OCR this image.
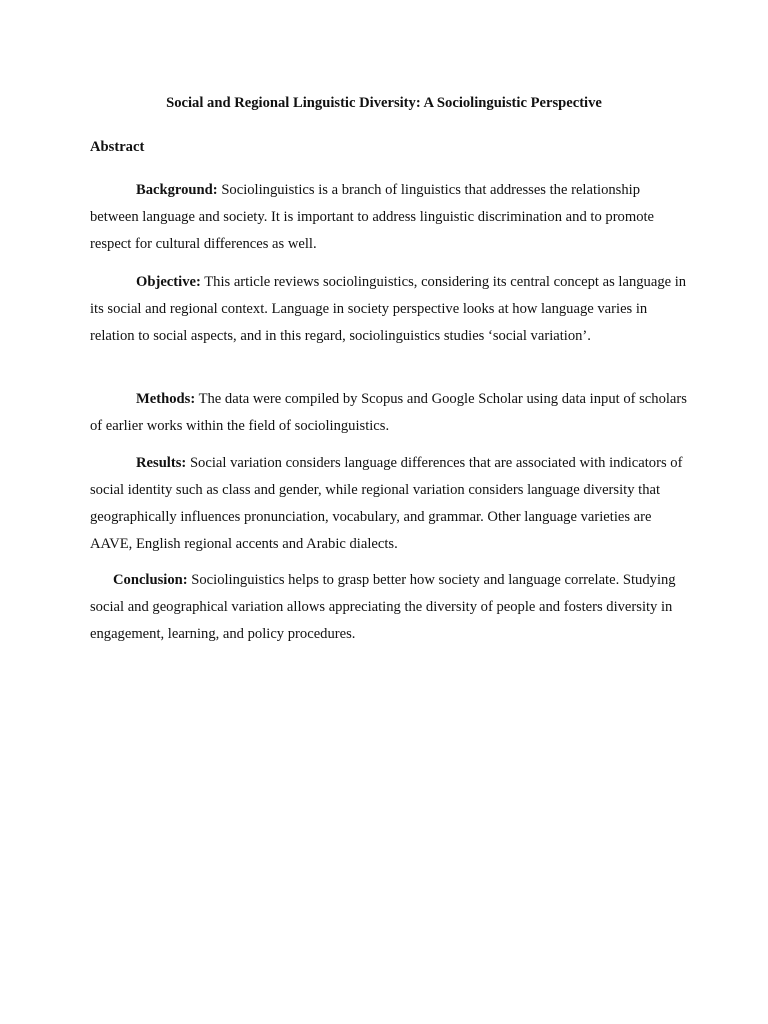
Social and Regional Linguistic Diversity: A Sociolinguistic Perspective
Abstract

Background: Sociolinguistics is a branch of linguistics that addresses the relationship between language and society. It is important to address linguistic discrimination and to promote respect for cultural differences as well.

Objective: This article reviews sociolinguistics, considering its central concept as language in its social and regional context. Language in society perspective looks at how language varies in relation to social aspects, and in this regard, sociolinguistics studies ‘social variation’.

Methods: The data were compiled by Scopus and Google Scholar using data input of scholars of earlier works within the field of sociolinguistics.

Results: Social variation considers language differences that are associated with indicators of social identity such as class and gender, while regional variation considers language diversity that geographically influences pronunciation, vocabulary, and grammar. Other language varieties are AAVE, English regional accents and Arabic dialects.

Conclusion: Sociolinguistics helps to grasp better how society and language correlate. Studying social and geographical variation allows appreciating the diversity of people and fosters diversity in engagement, learning, and policy procedures.
